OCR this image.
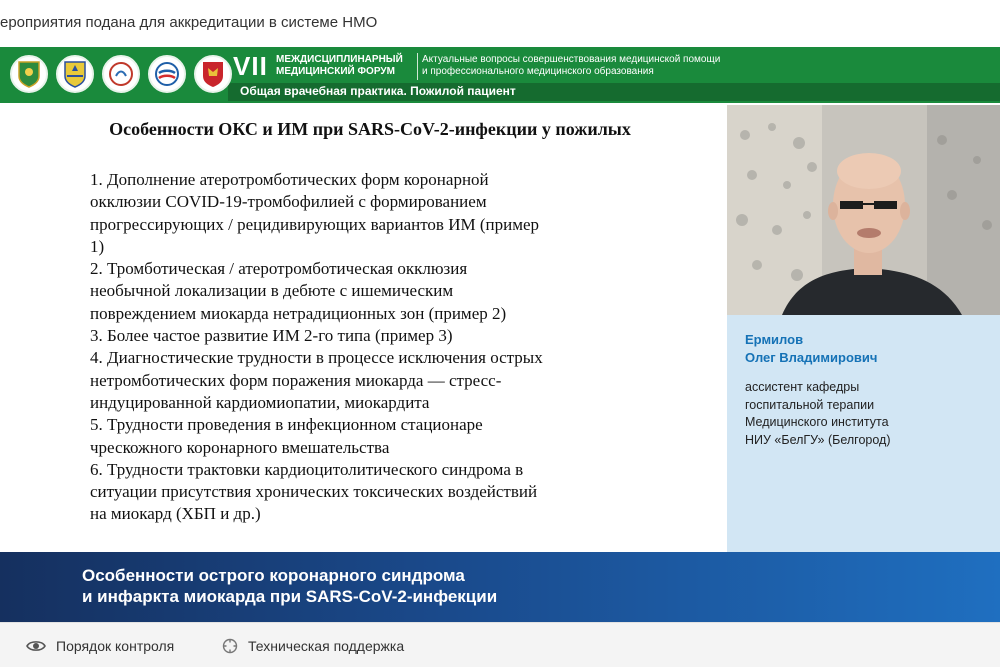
ероприятия подана для аккредитации в системе НМО
VII МЕЖДИСЦИПЛИНАРНЫЙ
МЕДИЦИНСКИЙ ФОРУМ
Актуальные вопросы совершенствования медицинской помощи
и профессионального медицинского образования
Общая врачебная практика. Пожилой пациент
Особенности ОКС и ИМ при SARS-CoV-2-инфекции у пожилых
1. Дополнение атеротромботических форм коронарной
окклюзии COVID-19-тромбофилией с формированием
прогрессирующих / рецидивирующих вариантов ИМ (пример
1)
2. Тромботическая / атеротромботическая окклюзия
необычной локализации в дебюте с ишемическим
повреждением миокарда нетрадиционных зон (пример 2)
3. Более частое развитие ИМ 2-го типа (пример 3)
4. Диагностические трудности в процессе исключения острых
нетромботических форм поражения миокарда — стресс-
индуцированной кардиомиопатии, миокардита
5. Трудности проведения в инфекционном стационаре
чрескожного коронарного вмешательства
6. Трудности трактовки кардиоцитолитического синдрома в
ситуации присутствия хронических токсических воздействий
на миокард (ХБП и др.)
Ермилов
Олег Владимирович
ассистент кафедры
госпитальной терапии
Медицинского института
НИУ «БелГУ» (Белгород)
Особенности острого коронарного синдрома
и инфаркта миокарда при SARS-CoV-2-инфекции
Порядок контроля	Техническая поддержка
